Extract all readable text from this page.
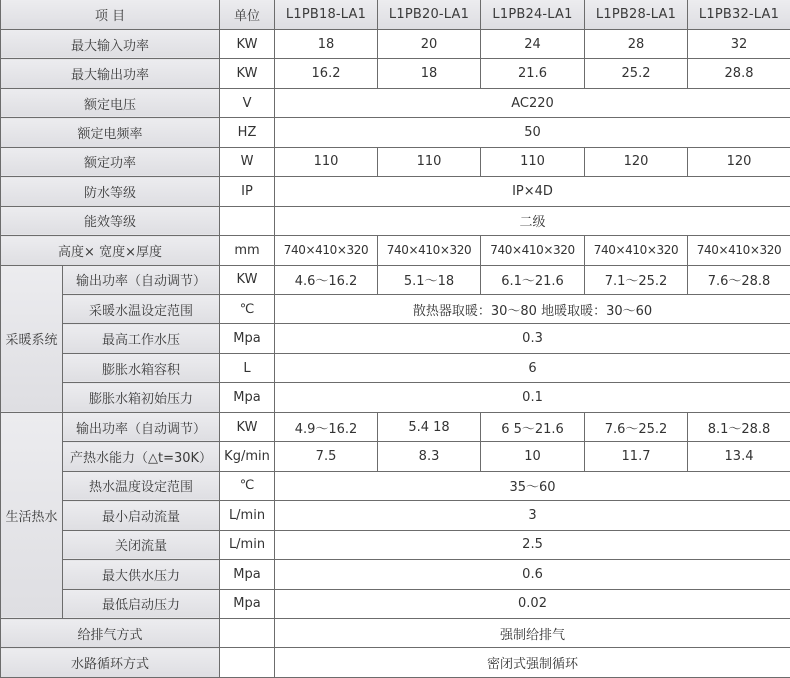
项 目		单位	L1PB18-LA1	L1PB20-LA1	L1PB24-LA1	L1PB28-LA1	L1PB32-LA1
最大输入功率		KW	18	20	24	28	32
最大输出功率		KW	16.2	18	21.6	25.2	28.8
额定电压		V	AC220				
额定电频率		HZ	50				
额定功率		W	110	110	110	120	120
防水等级		IP	IP×4D				
能效等级			二级				
高度× 宽度×厚度		mm	740×410×320	740×410×320	740×410×320	740×410×320	740×410×320
采暖系统	输出功率（自动调节）	KW	4.6～16.2	5.1～18	6.1～21.6	7.1～25.2	7.6～28.8
	采暖水温设定范围	℃	散热器取暖：30～80 地暖取暖：30～60				
	最高工作水压	Mpa	0.3				
	膨胀水箱容积	L	6				
	膨胀水箱初始压力	Mpa	0.1				
生活热水	输出功率（自动调节）	KW	4.9～16.2	5.4 18	6 5～21.6	7.6～25.2	8.1～28.8
	产热水能力（△t=30K）	Kg/min	7.5	8.3	10	11.7	13.4
	热水温度设定范围	℃	35～60				
	最小启动流量	L/min	3				
	关闭流量	L/min	2.5				
	最大供水压力	Mpa	0.6				
	最低启动压力	Mpa	0.02				
给排气方式			强制给排气				
水路循环方式			密闭式强制循环				
